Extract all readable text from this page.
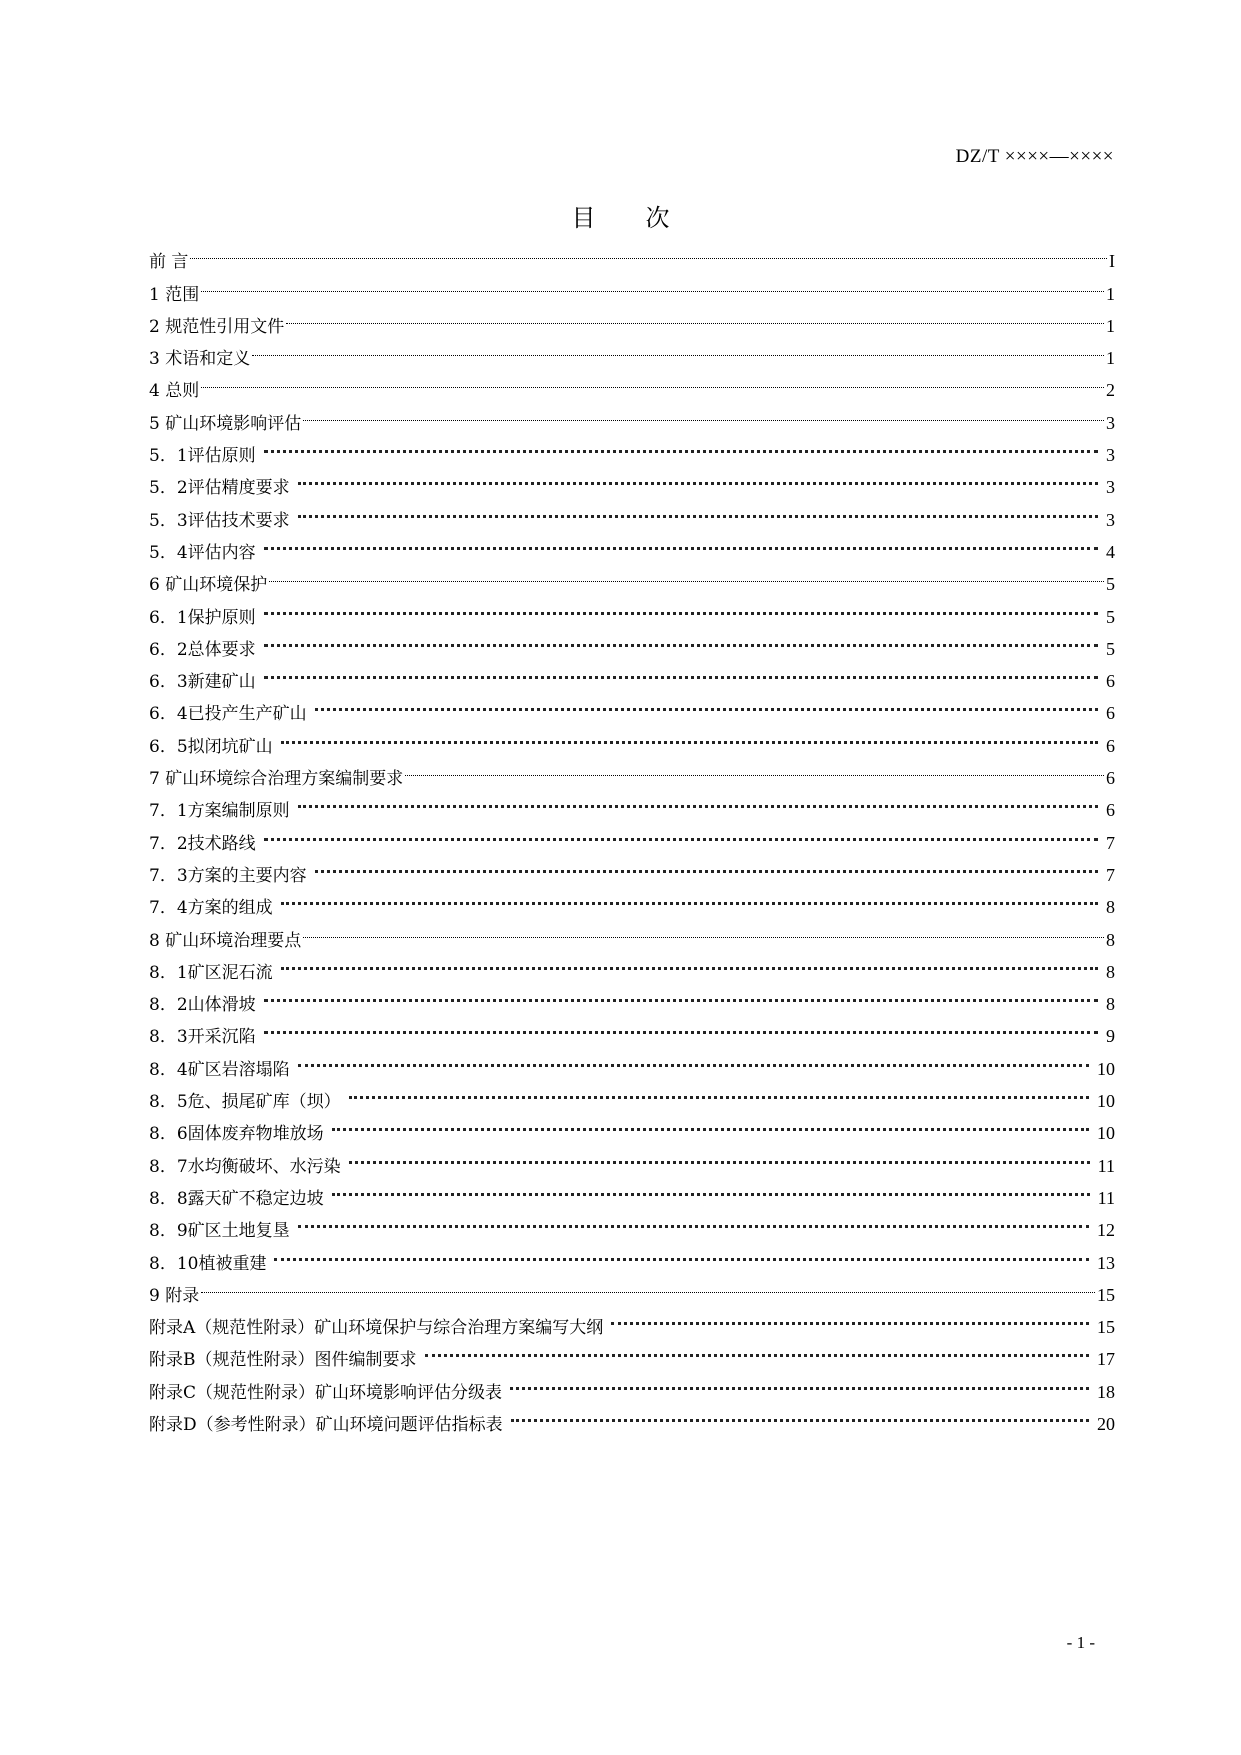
DZ/T ××××—××××
目次
前 言	I
1 范围	1
2 规范性引用文件	1
3 术语和定义	1
4 总则	2
5 矿山环境影响评估	3
5．1评估原则	3
5．2评估精度要求	3
5．3评估技术要求	3
5．4评估内容	4
6 矿山环境保护	5
6．1保护原则	5
6．2总体要求	5
6．3新建矿山	6
6．4已投产生产矿山	6
6．5拟闭坑矿山	6
7 矿山环境综合治理方案编制要求	6
7．1方案编制原则	6
7．2技术路线	7
7．3方案的主要内容	7
7．4方案的组成	8
8 矿山环境治理要点	8
8．1矿区泥石流	8
8．2山体滑坡	8
8．3开采沉陷	9
8．4矿区岩溶塌陷	10
8．5危、损尾矿库（坝）	10
8．6固体废弃物堆放场	10
8．7水均衡破坏、水污染	11
8．8露天矿不稳定边坡	11
8．9矿区土地复垦	12
8．10植被重建	13
9 附录	15
附录A（规范性附录）矿山环境保护与综合治理方案编写大纲	15
附录B（规范性附录）图件编制要求	17
附录C（规范性附录）矿山环境影响评估分级表	18
附录D（参考性附录）矿山环境问题评估指标表	20
- 1 -
